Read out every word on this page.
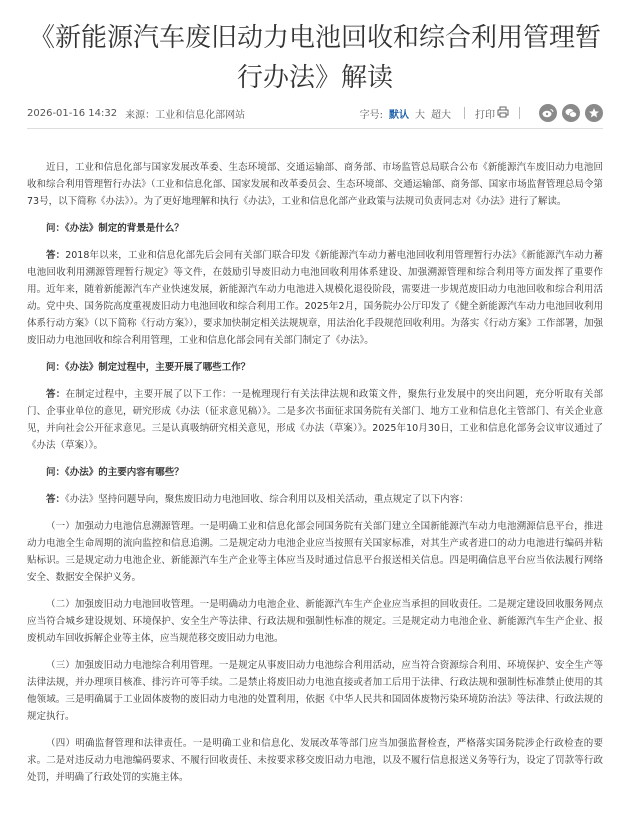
《新能源汽车废旧动力电池回收和综合利用管理暂行办法》解读
2026-01-16 14:32 来源：工业和信息化部网站	字号: 默认 大 超大 打印

近日，工业和信息化部与国家发展改革委、生态环境部、交通运输部、商务部、市场监管总局联合公布《新能源汽车废旧动力电池回收和综合利用管理暂行办法》（工业和信息化部、国家发展和改革委员会、生态环境部、交通运输部、商务部、国家市场监督管理总局令第73号，以下简称《办法》）。为了更好地理解和执行《办法》，工业和信息化部产业政策与法规司负责同志对《办法》进行了解读。

问：《办法》制定的背景是什么？

答：2018年以来，工业和信息化部先后会同有关部门联合印发《新能源汽车动力蓄电池回收利用管理暂行办法》《新能源汽车动力蓄电池回收利用溯源管理暂行规定》等文件，在鼓励引导废旧动力电池回收利用体系建设、加强溯源管理和综合利用等方面发挥了重要作用。近年来，随着新能源汽车产业快速发展，新能源汽车动力电池进入规模化退役阶段，需要进一步规范废旧动力电池回收和综合利用活动。党中央、国务院高度重视废旧动力电池回收和综合利用工作。2025年2月，国务院办公厅印发了《健全新能源汽车动力电池回收利用体系行动方案》（以下简称《行动方案》），要求加快制定相关法规规章，用法治化手段规范回收利用。为落实《行动方案》工作部署，加强废旧动力电池回收和综合利用管理，工业和信息化部会同有关部门制定了《办法》。

问：《办法》制定过程中，主要开展了哪些工作？

答：在制定过程中，主要开展了以下工作：一是梳理现行有关法律法规和政策文件，聚焦行业发展中的突出问题，充分听取有关部门、企事业单位的意见，研究形成《办法（征求意见稿）》。二是多次书面征求国务院有关部门、地方工业和信息化主管部门、有关企业意见，并向社会公开征求意见。三是认真吸纳研究相关意见，形成《办法（草案）》。2025年10月30日，工业和信息化部务会议审议通过了《办法（草案）》。

问：《办法》的主要内容有哪些？

答：《办法》坚持问题导向，聚焦废旧动力电池回收、综合利用以及相关活动，重点规定了以下内容：

（一）加强动力电池信息溯源管理。一是明确工业和信息化部会同国务院有关部门建立全国新能源汽车动力电池溯源信息平台，推进动力电池全生命周期的流向监控和信息追溯。二是规定动力电池企业应当按照有关国家标准，对其生产或者进口的动力电池进行编码并粘贴标识。三是规定动力电池企业、新能源汽车生产企业等主体应当及时通过信息平台报送相关信息。四是明确信息平台应当依法履行网络安全、数据安全保护义务。

（二）加强废旧动力电池回收管理。一是明确动力电池企业、新能源汽车生产企业应当承担的回收责任。二是规定建设回收服务网点应当符合城乡建设规划、环境保护、安全生产等法律、行政法规和强制性标准的规定。三是规定动力电池企业、新能源汽车生产企业、报废机动车回收拆解企业等主体，应当规范移交废旧动力电池。

（三）加强废旧动力电池综合利用管理。一是规定从事废旧动力电池综合利用活动，应当符合资源综合利用、环境保护、安全生产等法律法规，并办理项目核准、排污许可等手续。二是禁止将废旧动力电池直接或者加工后用于法律、行政法规和强制性标准禁止使用的其他领域。三是明确属于工业固体废物的废旧动力电池的处置利用，依据《中华人民共和国固体废物污染环境防治法》等法律、行政法规的规定执行。

（四）明确监督管理和法律责任。一是明确工业和信息化、发展改革等部门应当加强监督检查，严格落实国务院涉企行政检查的要求。二是对违反动力电池编码要求、不履行回收责任、未按要求移交废旧动力电池，以及不履行信息报送义务等行为，设定了罚款等行政处罚，并明确了行政处罚的实施主体。
